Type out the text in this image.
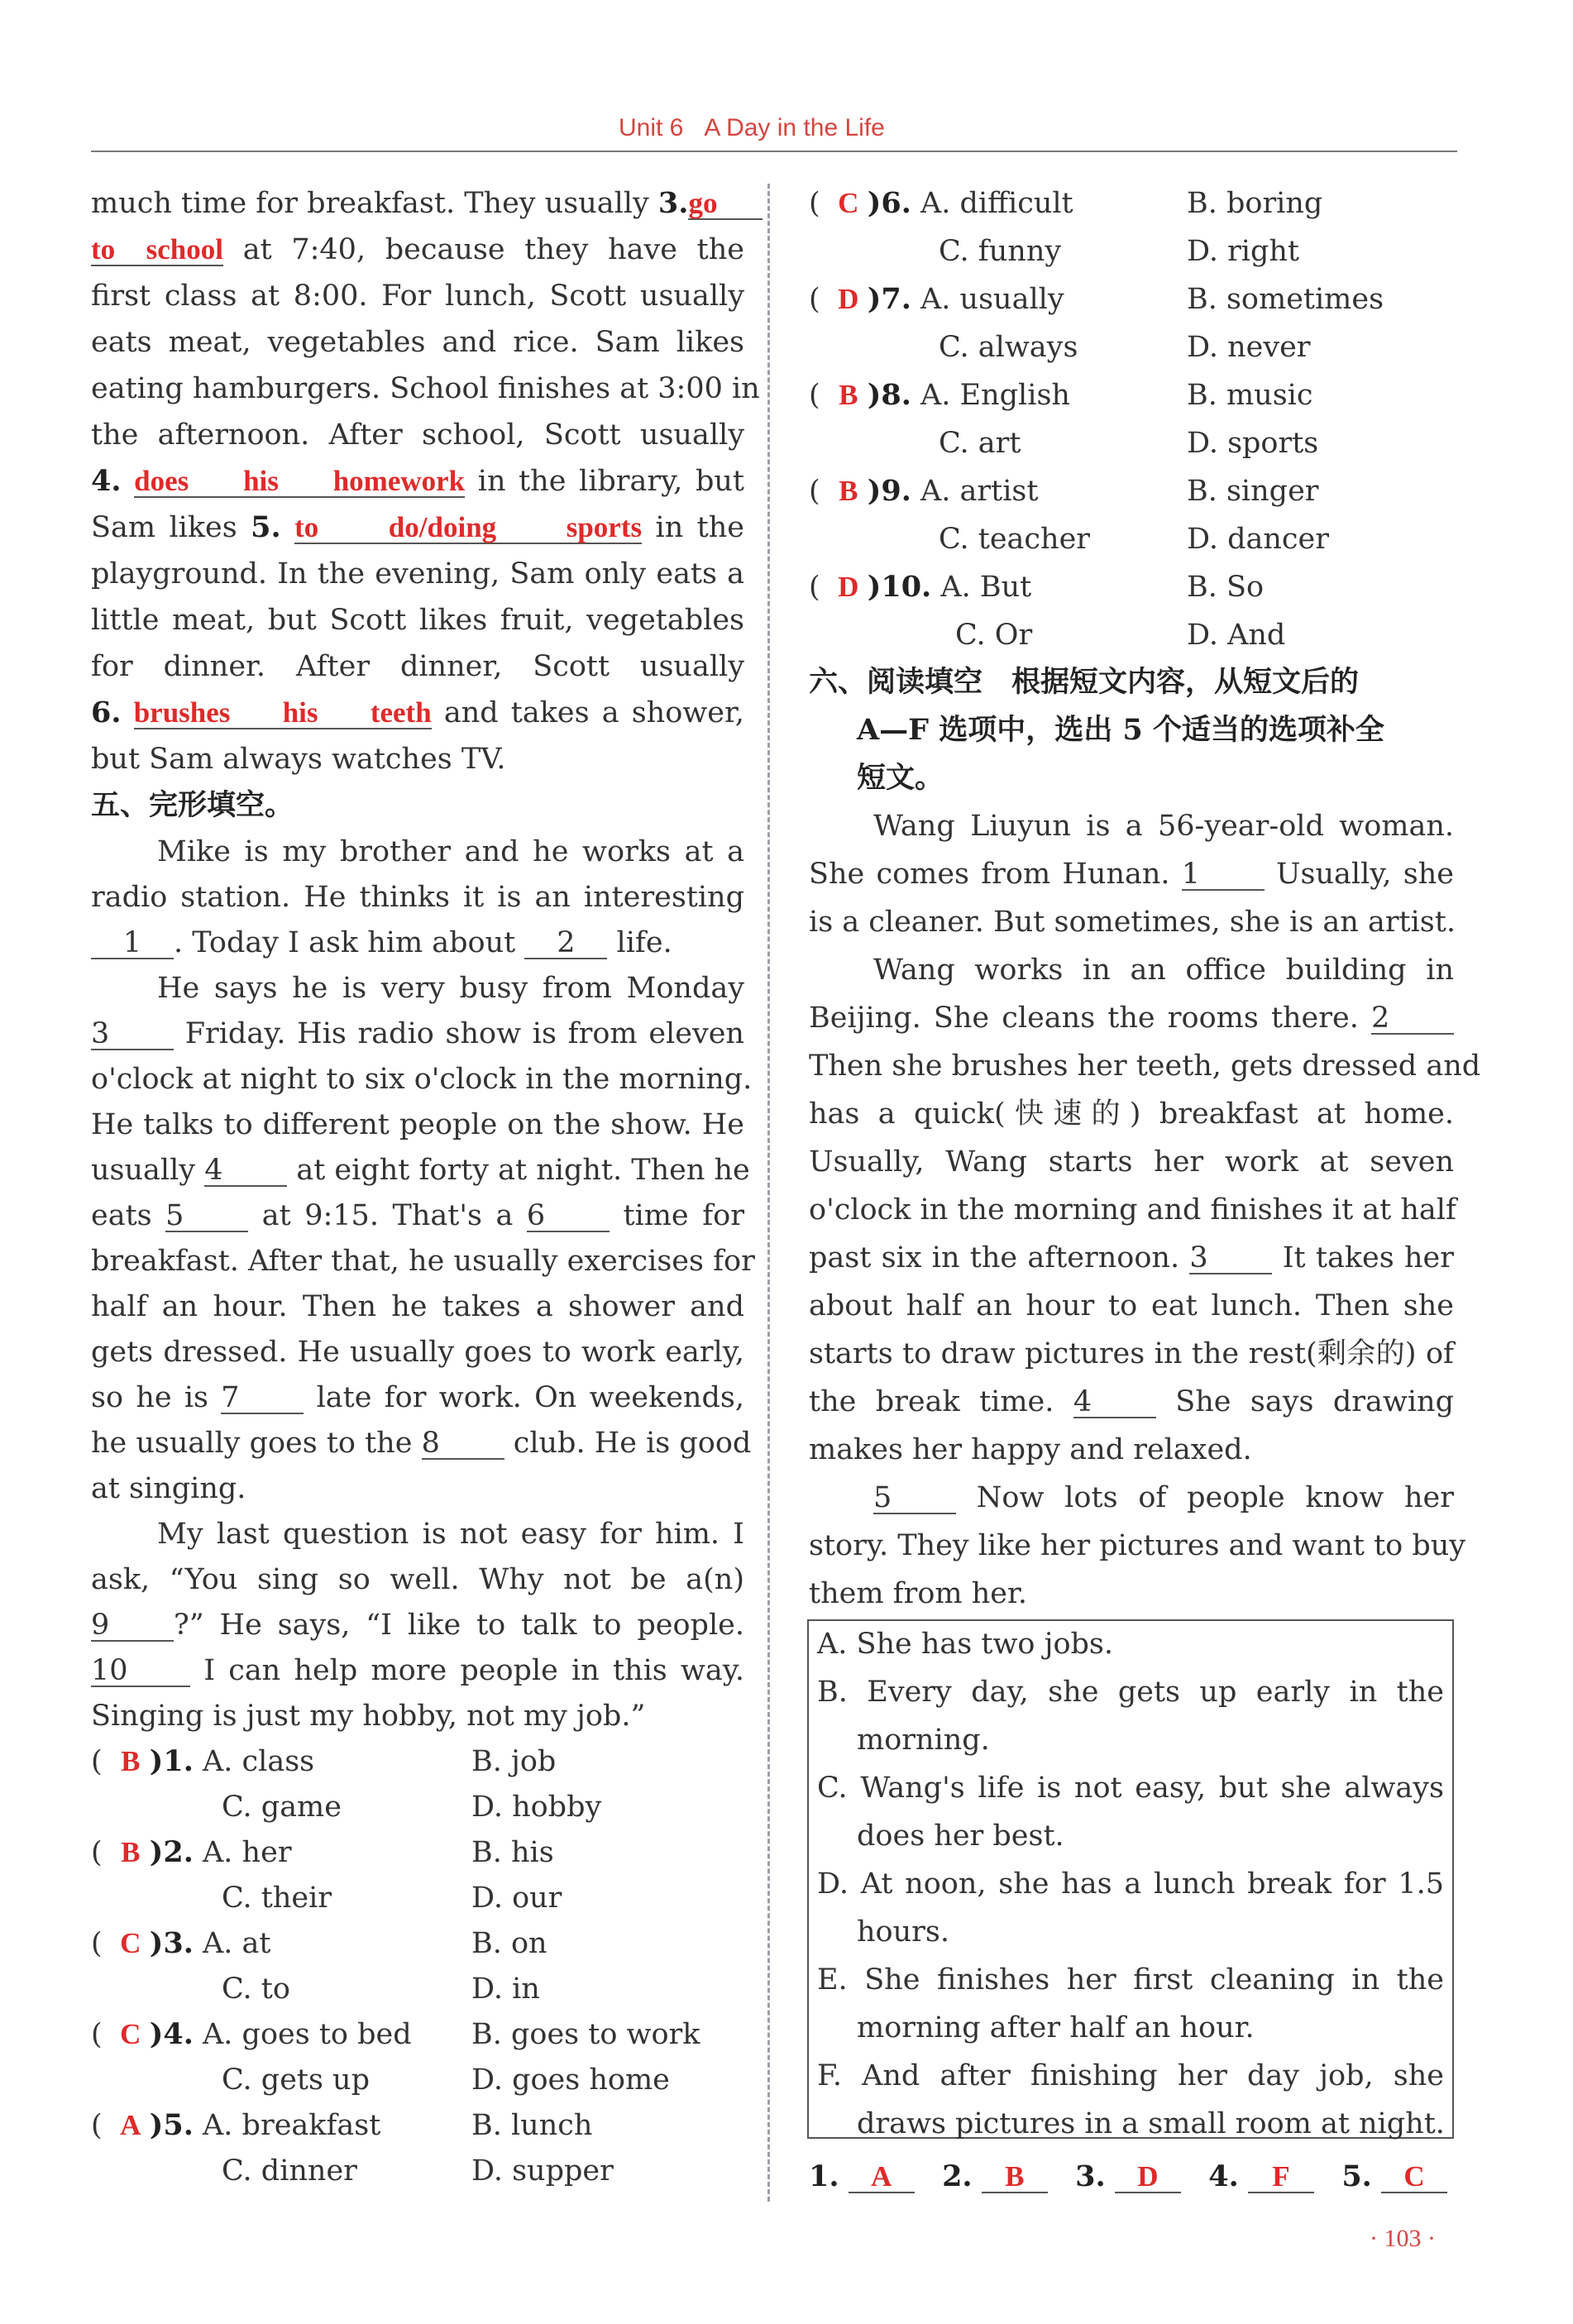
Unit 6 A Day in the Life
much time for breakfast. They usually 3.go
to school at 7:40, because they have the
first class at 8:00. For lunch, Scott usually
eats meat, vegetables and rice. Sam likes
eating hamburgers. School finishes at 3:00 in
the afternoon. After school, Scott usually
4. does his homework in the library, but
Sam likes 5. to do/doing sports in the
playground. In the evening, Sam only eats a
little meat, but Scott likes fruit, vegetables
for dinner. After dinner, Scott usually
6. brushes his teeth and takes a shower,
but Sam always watches TV.
五、完形填空。
Mike is my brother and he works at a
radio station. He thinks it is an interesting
1 . Today I ask him about 2 life.
He says he is very busy from Monday
3	Friday. His radio show is from eleven
o'clock at night to six o'clock in the morning.
He talks to different people on the show. He
usually 4	at eight forty at night. Then he
eats 5	at 9:15. That's a 6	time for
breakfast. After that, he usually exercises for
half an hour. Then he takes a shower and
gets dressed. He usually goes to work early,
so he is 7	late for work. On weekends,
he usually goes to the 8	club. He is good
at singing.
My last question is not easy for him. I
ask, “You sing so well. Why not be a(n)
9 ?” He says, “I like to talk to people.
10	I can help more people in this way.
Singing is just my hobby, not my job.”
( B )1. A. class	B. job
C. game	D. hobby
( B )2. A. her	B. his
C. their	D. our
( C )3. A. at	B. on
C. to	D. in
( C )4. A. goes to bed B. goes to work
C. gets up	D. goes home
( A )5. A. breakfast	B. lunch
C. dinner	D. supper
( C )6. A. difficult	B. boring
C. funny	D. right
( D )7. A. usually	B. sometimes
C. always	D. never
( B )8. A. English	B. music
C. art	D. sports
( B )9. A. artist	B. singer
C. teacher	D. dancer
( D )10. A. But	B. So
C. Or	D. And
六、阅读填空　根据短文内容，从短文后的
A—F 选项中，选出 5 个适当的选项补全
短文。
Wang Liuyun is a 56-year-old woman.
She comes from Hunan. 1	Usually, she
is a cleaner. But sometimes, she is an artist.
Wang works in an office building in
Beijing. She cleans the rooms there. 2
Then she brushes her teeth, gets dressed and
has a quick(快速的) breakfast at home.
Usually, Wang starts her work at seven
o'clock in the morning and finishes it at half
past six in the afternoon. 3	It takes her
about half an hour to eat lunch. Then she
starts to draw pictures in the rest(剩余的) of
the break time. 4	She says drawing
makes her happy and relaxed.
5	Now lots of people know her
story. They like her pictures and want to buy
them from her.
A. She has two jobs.
B. Every day, she gets up early in the
morning.
C. Wang's life is not easy, but she always
does her best.
D. At noon, she has a lunch break for 1.5
hours.
E. She finishes her first cleaning in the
morning after half an hour.
F. And after finishing her day job, she
draws pictures in a small room at night.
1. A 2. B 3. D 4. F 5. C
· 103 ·
